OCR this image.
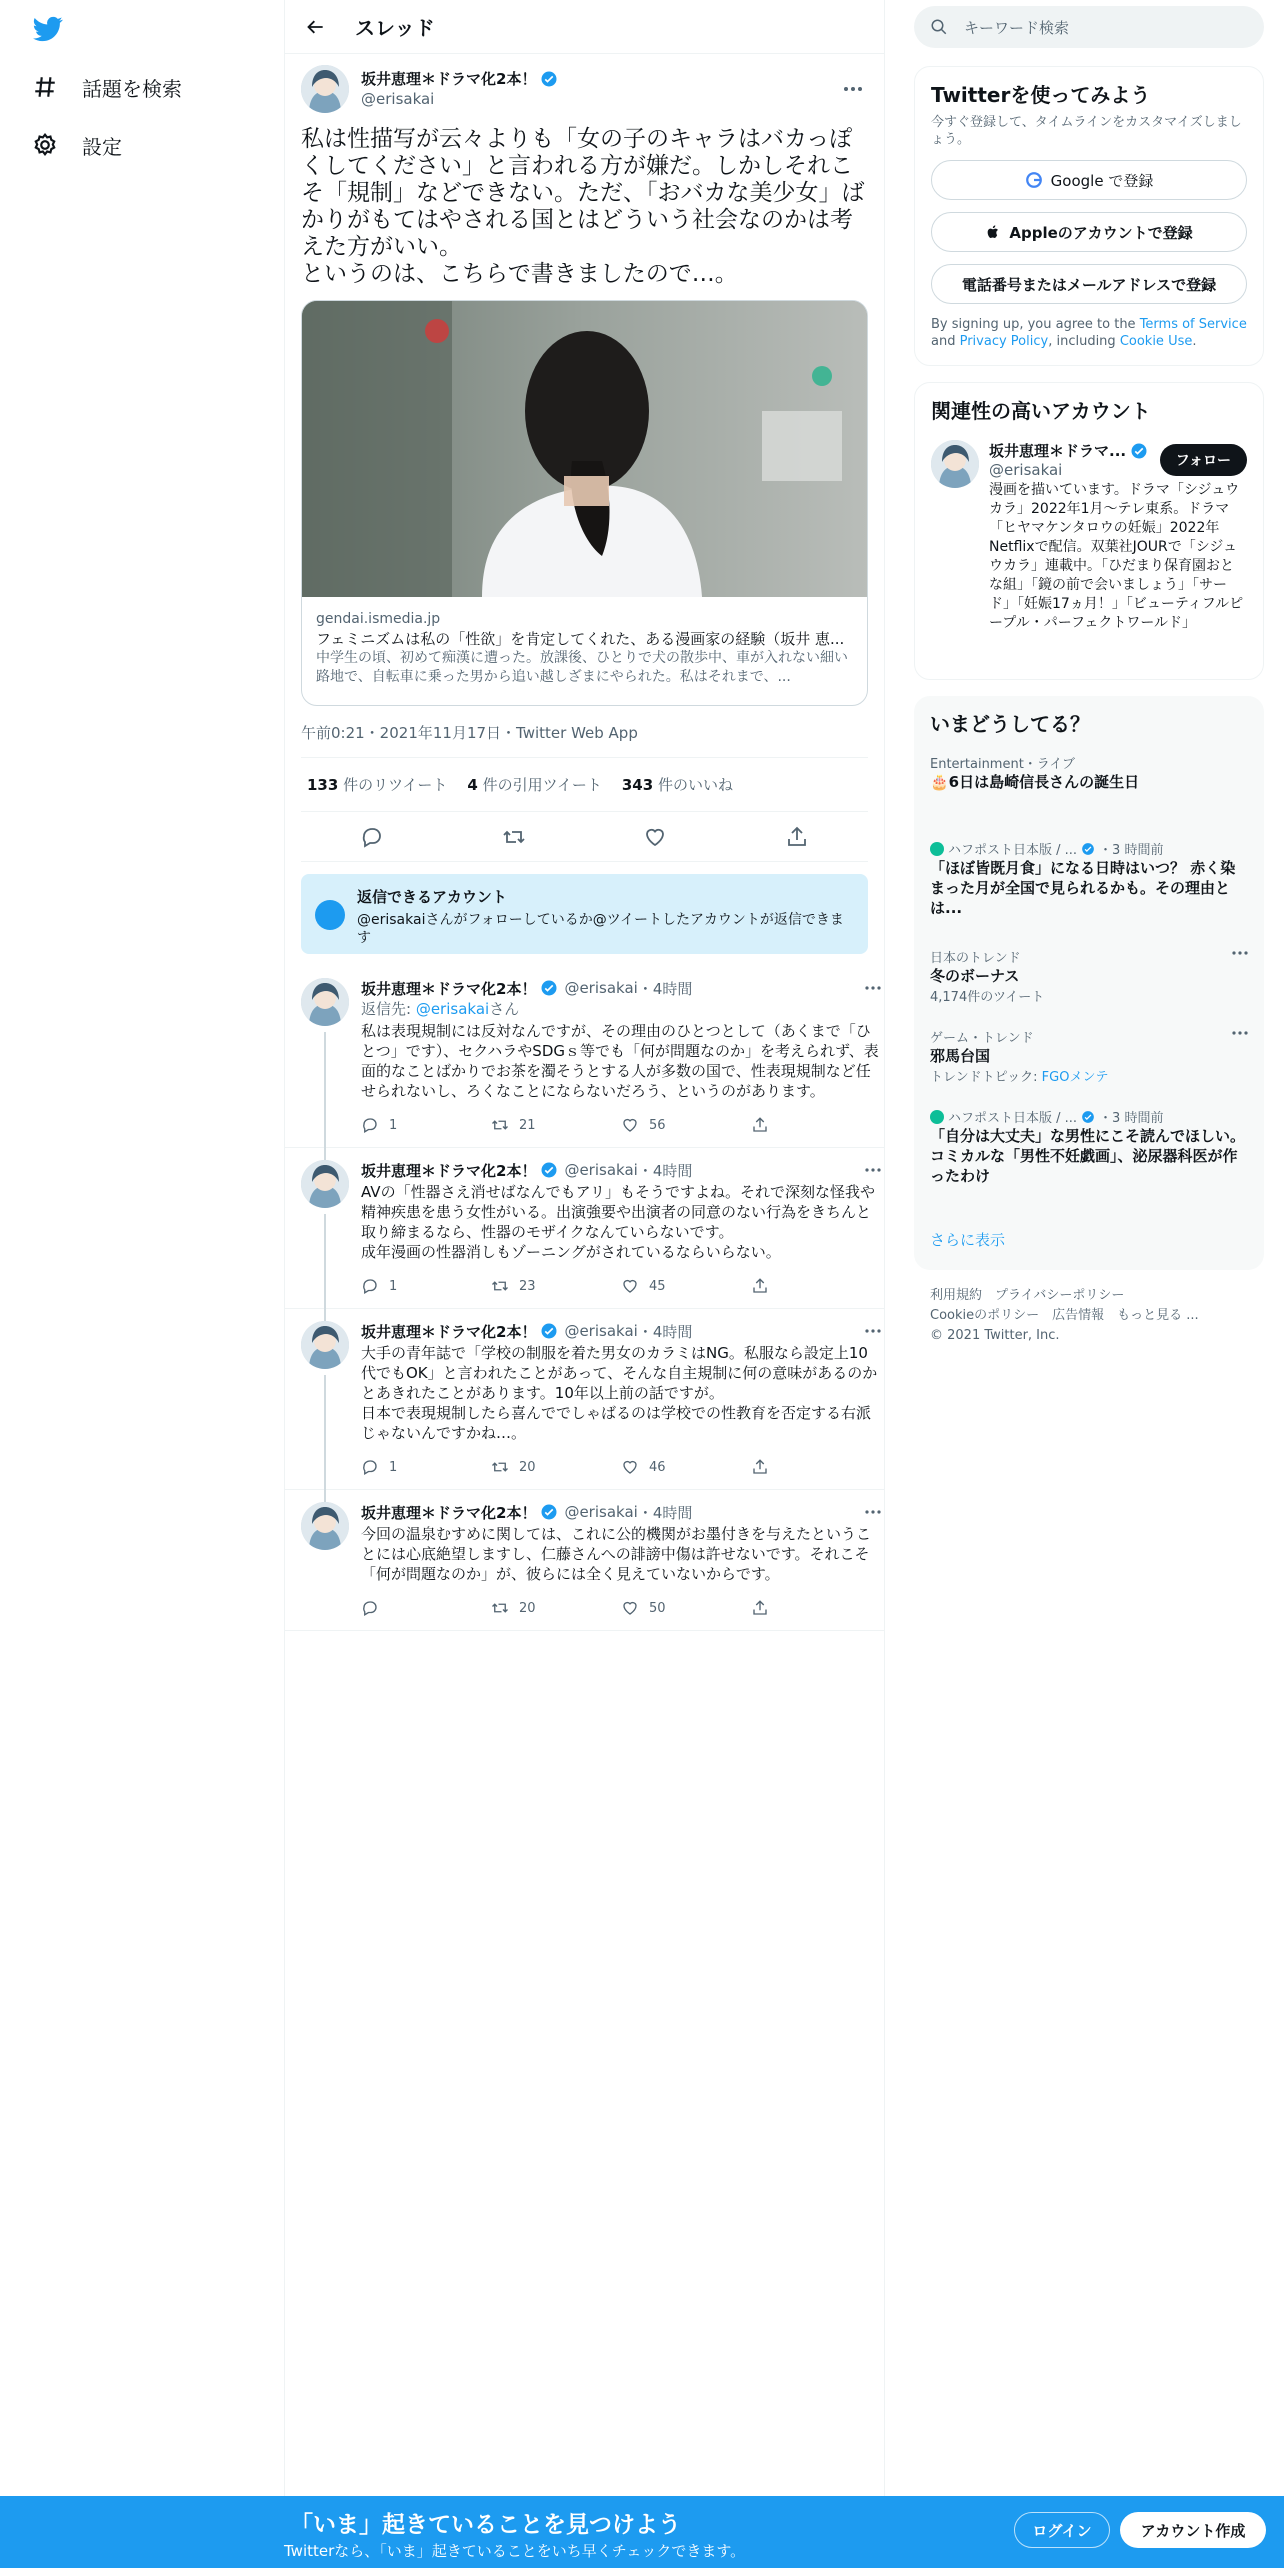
話題を検索
設定
スレッド
坂井恵理＊ドラマ化2本！
@erisakai
私は性描写が云々よりも「女の子のキャラはバカっぽくしてください」と言われる方が嫌だ。しかしそれこそ「規制」などできない。ただ、「おバカな美少女」ばかりがもてはやされる国とはどういう社会なのかは考えた方がいい。
というのは、こちらで書きましたので…。
gendai.ismedia.jp
フェミニズムは私の「性欲」を肯定してくれた、ある漫画家の経験（坂井 恵...
中学生の頃、初めて痴漢に遭った。放課後、ひとりで犬の散歩中、車が入れない細い路地で、自転車に乗った男から追い越しざまにやられた。私はそれまで、...
午前0:21・2021年11月17日・Twitter Web App
133 件のリツイート 4 件の引用ツイート 343 件のいいね
返信できるアカウント
@erisakaiさんがフォローしているか@ツイートしたアカウントが返信できます
坂井恵理＊ドラマ化2本！ @erisakai ・4時間
返信先: @erisakaiさん
私は表現規制には反対なんですが、その理由のひとつとして（あくまで「ひとつ」です）、セクハラやSDGｓ等でも「何が問題なのか」を考えられず、表面的なことばかりでお茶を濁そうとする人が多数の国で、性表現規制など任せられないし、ろくなことにならないだろう、というのがあります。
1	21	56
坂井恵理＊ドラマ化2本！ @erisakai ・4時間
AVの「性器さえ消せばなんでもアリ」もそうですよね。それで深刻な怪我や精神疾患を患う女性がいる。出演強要や出演者の同意のない行為をきちんと取り締まるなら、性器のモザイクなんていらないです。
成年漫画の性器消しもゾーニングがされているならいらない。
1	23	45
坂井恵理＊ドラマ化2本！ @erisakai ・4時間
大手の青年誌で「学校の制服を着た男女のカラミはNG。私服なら設定上10代でもOK」と言われたことがあって、そんな自主規制に何の意味があるのかとあきれたことがあります。10年以上前の話ですが。
日本で表現規制したら喜んででしゃばるのは学校での性教育を否定する右派じゃないんですかね…。
1	20	46
坂井恵理＊ドラマ化2本！ @erisakai ・4時間
今回の温泉むすめに関しては、これに公的機関がお墨付きを与えたということには心底絶望しますし、仁藤さんへの誹謗中傷は許せないです。それこそ「何が問題なのか」が、彼らには全く見えていないからです。
20	50
キーワード検索
Twitterを使ってみよう
今すぐ登録して、タイムラインをカスタマイズしましょう。
Google で登録
Appleのアカウントで登録
電話番号またはメールアドレスで登録
By signing up, you agree to the Terms of Service and Privacy Policy, including Cookie Use.
関連性の高いアカウント
坂井恵理＊ドラマ...
@erisakai
フォロー
漫画を描いています。ドラマ「シジュウカラ」2022年1月〜テレ東系。ドラマ 「ヒヤマケンタロウの妊娠」2022年Netflixで配信。双葉社JOURで「シジュウカラ」連載中。「ひだまり保育園おとな組」「鏡の前で会いましょう」「サード」「妊娠17ヵ月！」「ビューティフルピープル・パーフェクトワールド」
いまどうしてる？
Entertainment・ライブ
🎂6日は島崎信長さんの誕生日
ハフポスト日本版 / ... ・3 時間前
「ほぼ皆既月食」になる日時はいつ？ 赤く染まった月が全国で見られるかも。その理由とは...
日本のトレンド
冬のボーナス
4,174件のツイート
ゲーム・トレンド
邪馬台国
トレンドトピック: FGOメンテ
ハフポスト日本版 / ... ・3 時間前
「自分は大丈夫」な男性にこそ読んでほしい。コミカルな「男性不妊戯画」、泌尿器科医が作ったわけ
さらに表示
利用規約　プライバシーポリシー
Cookieのポリシー　広告情報　もっと見る ...
© 2021 Twitter, Inc.
「いま」起きていることを見つけよう
Twitterなら、「いま」起きていることをいち早くチェックできます。
ログイン	アカウント作成
